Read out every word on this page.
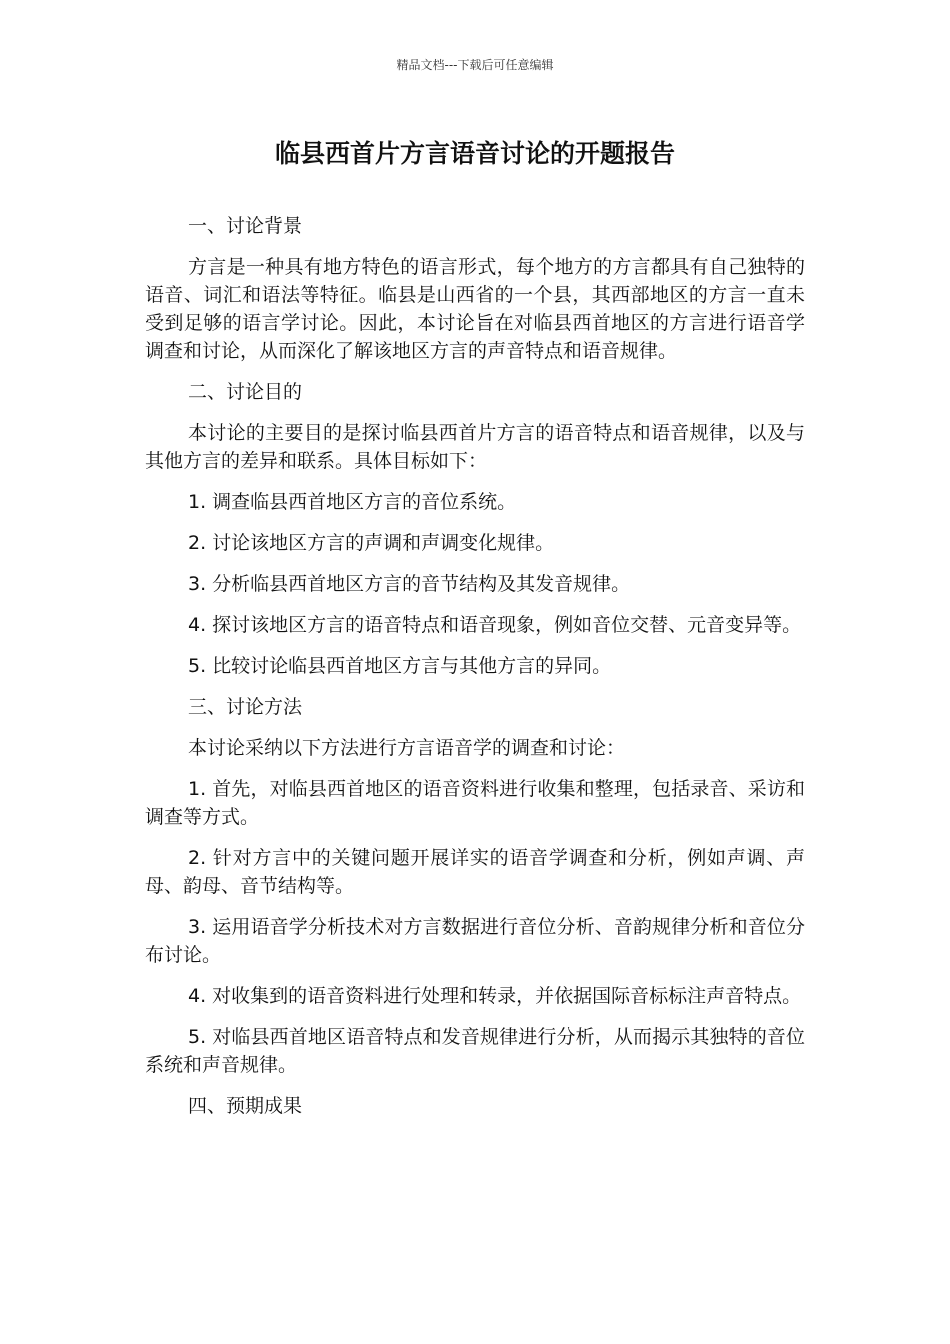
精品文档---下载后可任意编辑
临县西首片方言语音讨论的开题报告

一、讨论背景

方言是一种具有地方特色的语言形式，每个地方的方言都具有自己独特的语音、词汇和语法等特征。临县是山西省的一个县，其西部地区的方言一直未受到足够的语言学讨论。因此，本讨论旨在对临县西首地区的方言进行语音学调查和讨论，从而深化了解该地区方言的声音特点和语音规律。

二、讨论目的

本讨论的主要目的是探讨临县西首片方言的语音特点和语音规律，以及与其他方言的差异和联系。具体目标如下：

1. 调查临县西首地区方言的音位系统。

2. 讨论该地区方言的声调和声调变化规律。

3. 分析临县西首地区方言的音节结构及其发音规律。

4. 探讨该地区方言的语音特点和语音现象，例如音位交替、元音变异等。

5. 比较讨论临县西首地区方言与其他方言的异同。

三、讨论方法

本讨论采纳以下方法进行方言语音学的调查和讨论：

1. 首先，对临县西首地区的语音资料进行收集和整理，包括录音、采访和调查等方式。

2. 针对方言中的关键问题开展详实的语音学调查和分析，例如声调、声母、韵母、音节结构等。

3. 运用语音学分析技术对方言数据进行音位分析、音韵规律分析和音位分布讨论。

4. 对收集到的语音资料进行处理和转录，并依据国际音标标注声音特点。

5. 对临县西首地区语音特点和发音规律进行分析，从而揭示其独特的音位系统和声音规律。

四、预期成果
